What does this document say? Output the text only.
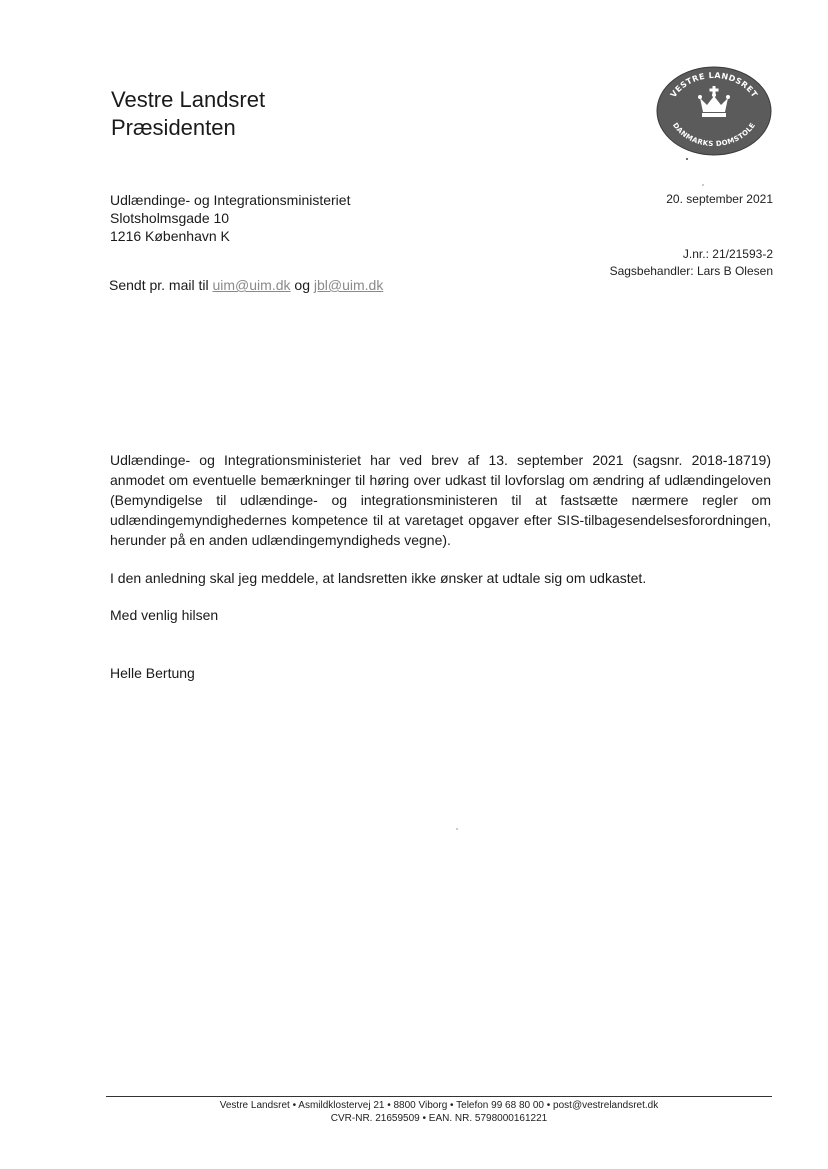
Vestre Landsret
Præsidenten
VESTRE LANDSRET
DANMARKS DOMSTOLE
Udlændinge- og Integrationsministeriet
Slotsholmsgade 10
1216 København K
20. september 2021
J.nr.: 21/21593-2
Sagsbehandler: Lars B Olesen
Sendt pr. mail til uim@uim.dk og jbl@uim.dk
Udlændinge- og Integrationsministeriet har ved brev af 13. september 2021 (sagsnr. 2018-18719) anmodet om eventuelle bemærkninger til høring over udkast til lovforslag om ændring af udlændingeloven (Bemyndigelse til udlændinge- og integrationsministeren til at fastsætte nærmere regler om udlændingemyndighedernes kompetence til at varetaget opgaver efter SIS-tilbagesendelsesforordningen, herunder på en anden udlændingemyndigheds vegne).
I den anledning skal jeg meddele, at landsretten ikke ønsker at udtale sig om udkastet.
Med venlig hilsen
Helle Bertung
Vestre Landsret • Asmildklostervej 21 • 8800 Viborg • Telefon 99 68 80 00 • post@vestrelandsret.dk
CVR-NR. 21659509 • EAN. NR. 5798000161221
